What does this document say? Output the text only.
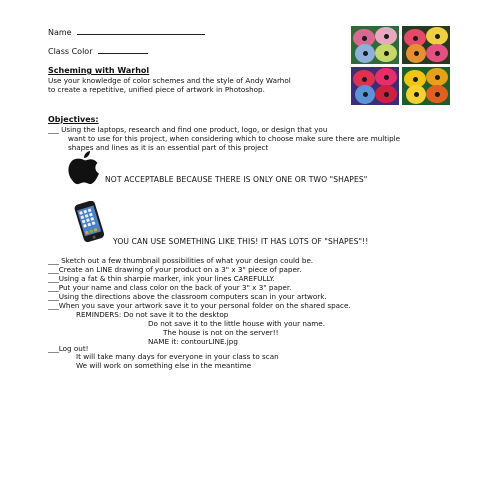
Name
Class Color
Scheming with Warhol
Use your knowledge of color schemes and the style of Andy Warhol
to create a repetitive, unified piece of artwork in Photoshop.
Objectives:
___ Using the laptops, research and find one product, logo, or design that you
want to use for this project, when considering which to choose make sure there are multiple
shapes and lines as it is an essential part of this project
NOT ACCEPTABLE BECAUSE THERE IS ONLY ONE OR TWO "SHAPES"
YOU CAN USE SOMETHING LIKE THIS! IT HAS LOTS OF "SHAPES"!!
___ Sketch out a few thumbnail possibilities of what your design could be.
___Create an LINE drawing of your product on a 3" x 3" piece of paper.
___Using a fat & thin sharpie marker, ink your lines CAREFULLY.
___Put your name and class color on the back of your 3" x 3" paper.
___Using the directions above the classroom computers scan in your artwork.
___When you save your artwork save it to your personal folder on the shared space.
REMINDERS: Do not save it to the desktop
Do not save it to the little house with your name.
The house is not on the server!!
NAME it: contourLINE.jpg
___Log out!
It will take many days for everyone in your class to scan
We will work on something else in the meantime
